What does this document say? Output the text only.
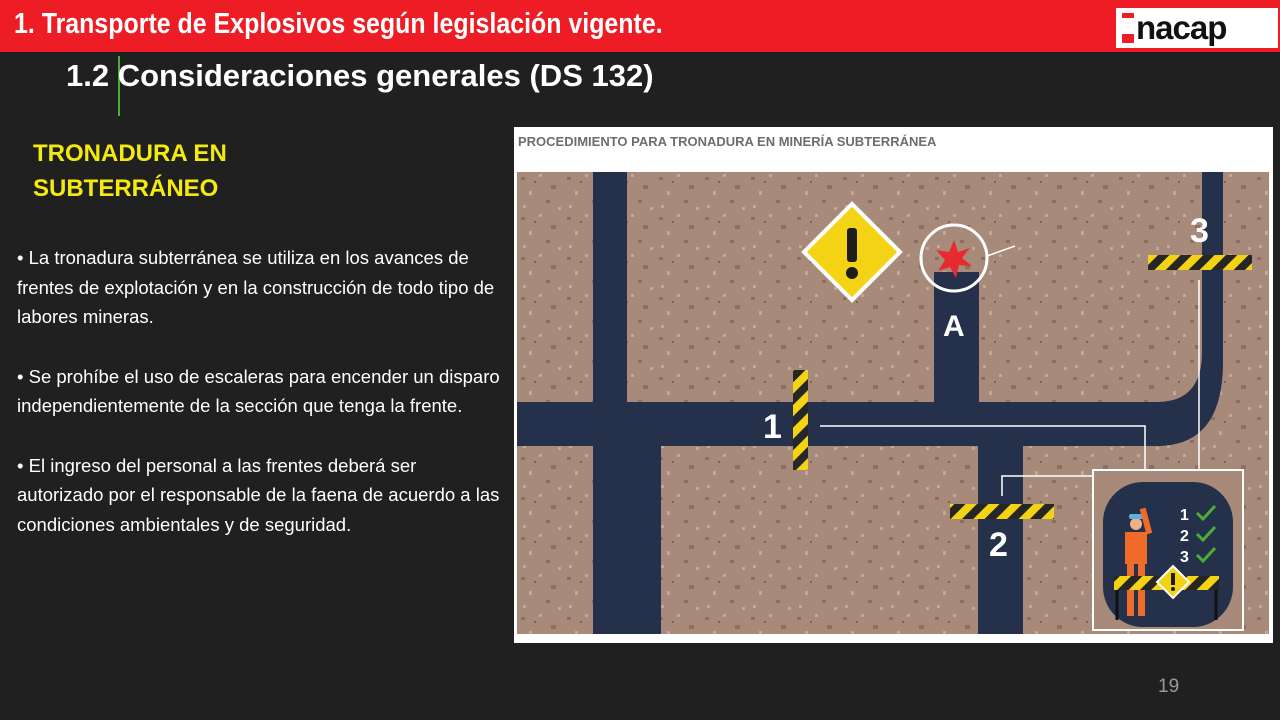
1. Transporte de Explosivos según legislación vigente.	nacap
1.2 Consideraciones generales (DS 132)
TRONADURA EN
SUBTERRÁNEO

• La tronadura subterránea se utiliza en los avances de frentes de explotación y en la construcción de todo tipo de labores mineras.

• Se prohíbe el uso de escaleras para encender un disparo independientemente de la sección que tenga la frente.

• El ingreso del personal a las frentes deberá ser autorizado por el responsable de la faena de acuerdo a las condiciones ambientales y de seguridad.

PROCEDIMIENTO PARA TRONADURA EN MINERÍA SUBTERRÁNEA
A
1
2
3
1
2
3
19
